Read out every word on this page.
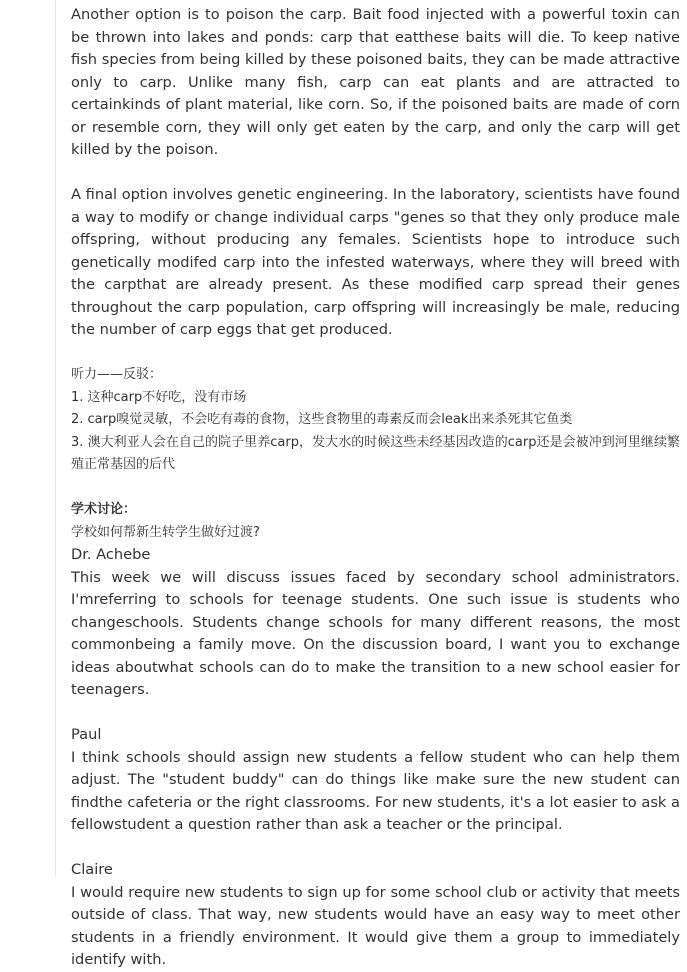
Another option is to poison the carp. Bait food injected with a powerful toxin can be thrown into lakes and ponds: carp that eatthese baits will die. To keep native fish species from being killed by these poisoned baits, they can be made attractive only to carp. Unlike many fish, carp can eat plants and are attracted to certainkinds of plant material, like corn. So, if the poisoned baits are made of corn or resemble corn, they will only get eaten by the carp, and only the carp will get killed by the poison.

A final option involves genetic engineering. In the laboratory, scientists have found a way to modify or change individual carps "genes so that they only produce male offspring, without producing any females. Scientists hope to introduce such genetically modifed carp into the infested waterways, where they will breed with the carpthat are already present. As these modified carp spread their genes throughout the carp population, carp offspring will increasingly be male, reducing the number of carp eggs that get produced.

听力——反驳：

1. 这种carp不好吃，没有市场

2. carp嗅觉灵敏，不会吃有毒的食物，这些食物里的毒素反而会leak出来杀死其它鱼类

3. 澳大利亚人会在自己的院子里养carp，发大水的时候这些未经基因改造的carp还是会被冲到河里继续繁殖正常基因的后代

学术讨论：

学校如何帮新生转学生做好过渡?

Dr. Achebe

This week we will discuss issues faced by secondary school administrators. I'mreferring to schools for teenage students. One such issue is students who changeschools. Students change schools for many different reasons, the most commonbeing a family move. On the discussion board, I want you to exchange ideas aboutwhat schools can do to make the transition to a new school easier for teenagers.

Paul

I think schools should assign new students a fellow student who can help them adjust. The "student buddy" can do things like make sure the new student can findthe cafeteria or the right classrooms. For new students, it's a lot easier to ask a fellowstudent a question rather than ask a teacher or the principal.

Claire

I would require new students to sign up for some school club or activity that meets outside of class. That way, new students would have an easy way to meet other students in a friendly environment. It would give them a group to immediately identify with.
